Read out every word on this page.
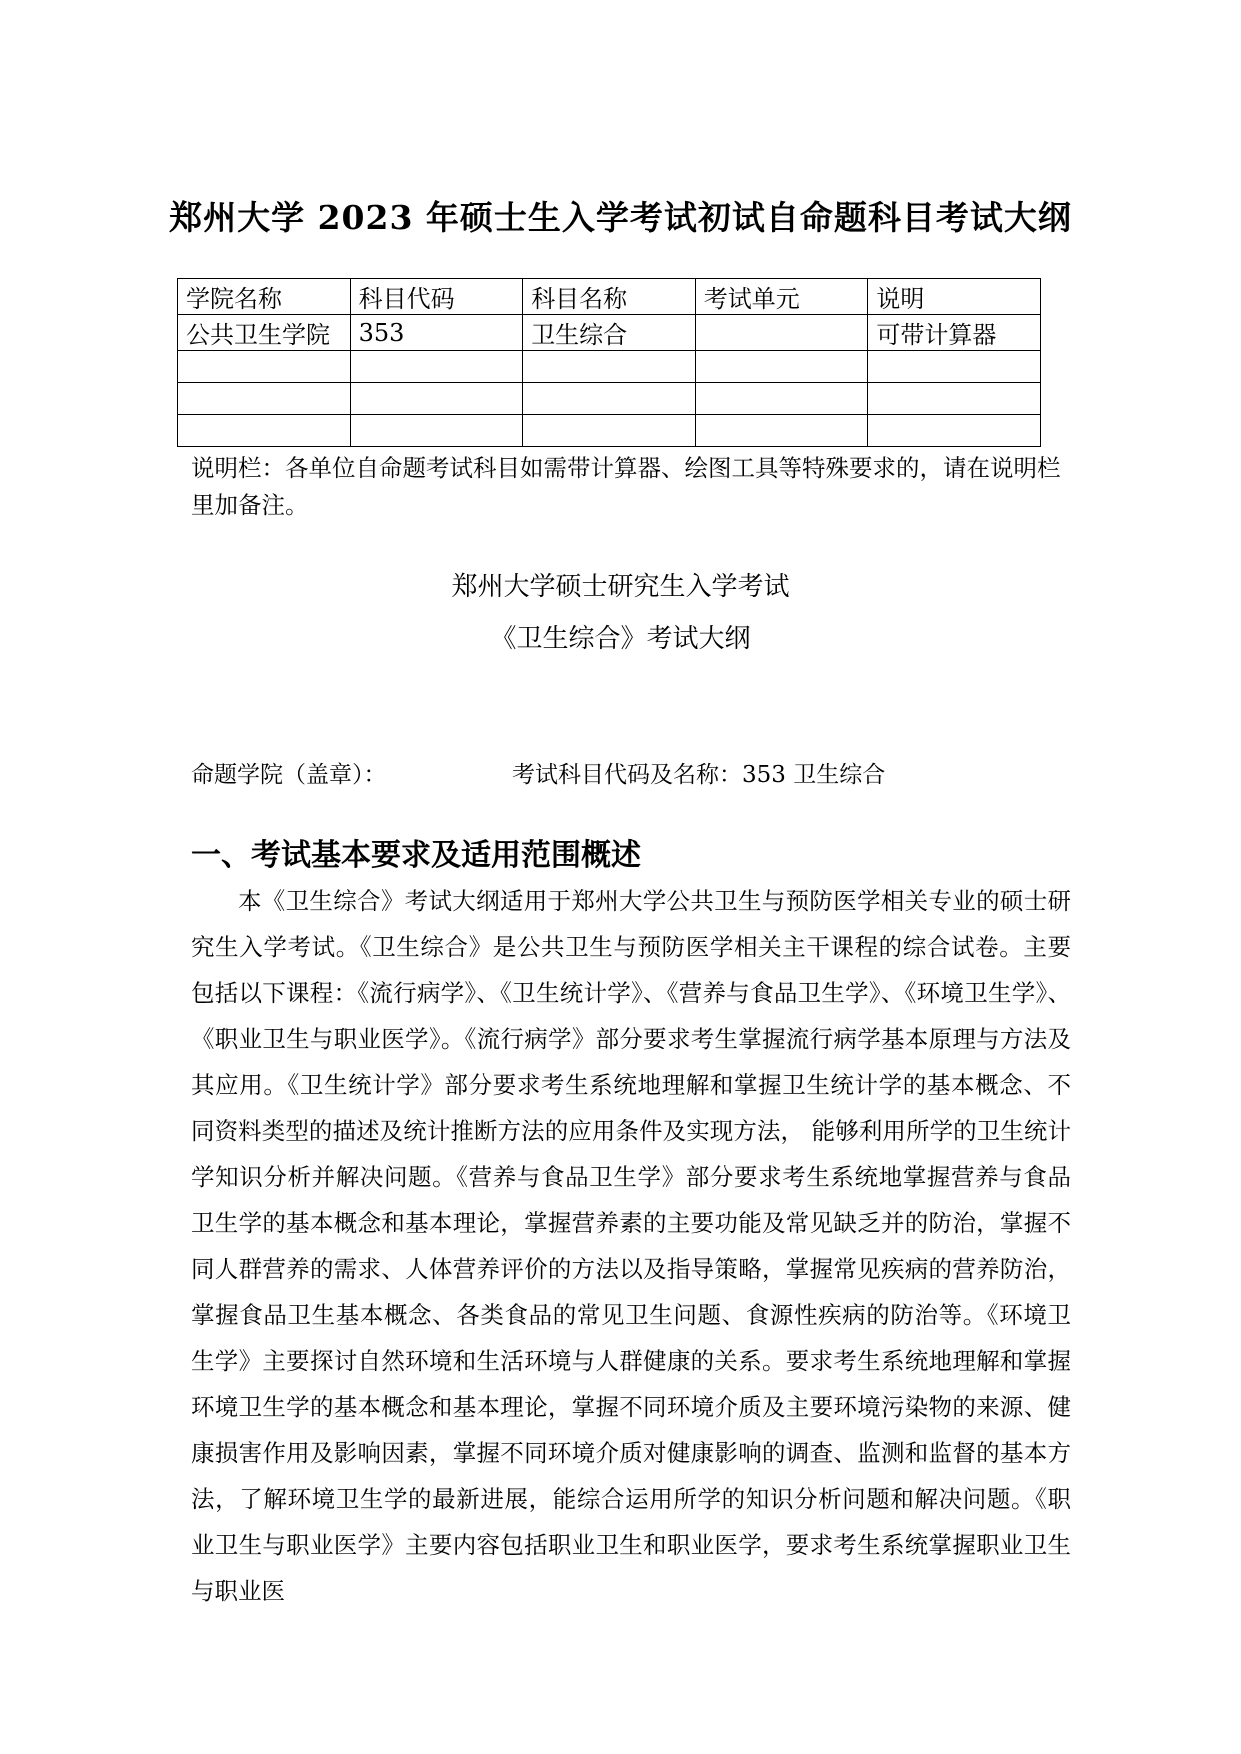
郑州大学 2023 年硕士生入学考试初试自命题科目考试大纲
学院名称	科目代码	科目名称	考试单元	说明
公共卫生学院	353	卫生综合		可带计算器

说明栏：各单位自命题考试科目如需带计算器、绘图工具等特殊要求的，请在说明栏里加备注。

郑州大学硕士研究生入学考试

《卫生综合》考试大纲

命题学院（盖章）：	考试科目代码及名称：353 卫生综合

一、考试基本要求及适用范围概述

本《卫生综合》考试大纲适用于郑州大学公共卫生与预防医学相关专业的硕士研究生入学考试。《卫生综合》是公共卫生与预防医学相关主干课程的综合试卷。主要包括以下课程：《流行病学》、《卫生统计学》、《营养与食品卫生学》、《环境卫生学》、《职业卫生与职业医学》。《流行病学》部分要求考生掌握流行病学基本原理与方法及其应用。《卫生统计学》部分要求考生系统地理解和掌握卫生统计学的基本概念、不同资料类型的描述及统计推断方法的应用条件及实现方法， 能够利用所学的卫生统计学知识分析并解决问题。《营养与食品卫生学》部分要求考生系统地掌握营养与食品卫生学的基本概念和基本理论，掌握营养素的主要功能及常见缺乏并的防治，掌握不同人群营养的需求、人体营养评价的方法以及指导策略，掌握常见疾病的营养防治，掌握食品卫生基本概念、各类食品的常见卫生问题、食源性疾病的防治等。《环境卫生学》主要探讨自然环境和生活环境与人群健康的关系。要求考生系统地理解和掌握环境卫生学的基本概念和基本理论，掌握不同环境介质及主要环境污染物的来源、健康损害作用及影响因素，掌握不同环境介质对健康影响的调查、监测和监督的基本方法，了解环境卫生学的最新进展，能综合运用所学的知识分析问题和解决问题。《职业卫生与职业医学》主要内容包括职业卫生和职业医学，要求考生系统掌握职业卫生与职业医
